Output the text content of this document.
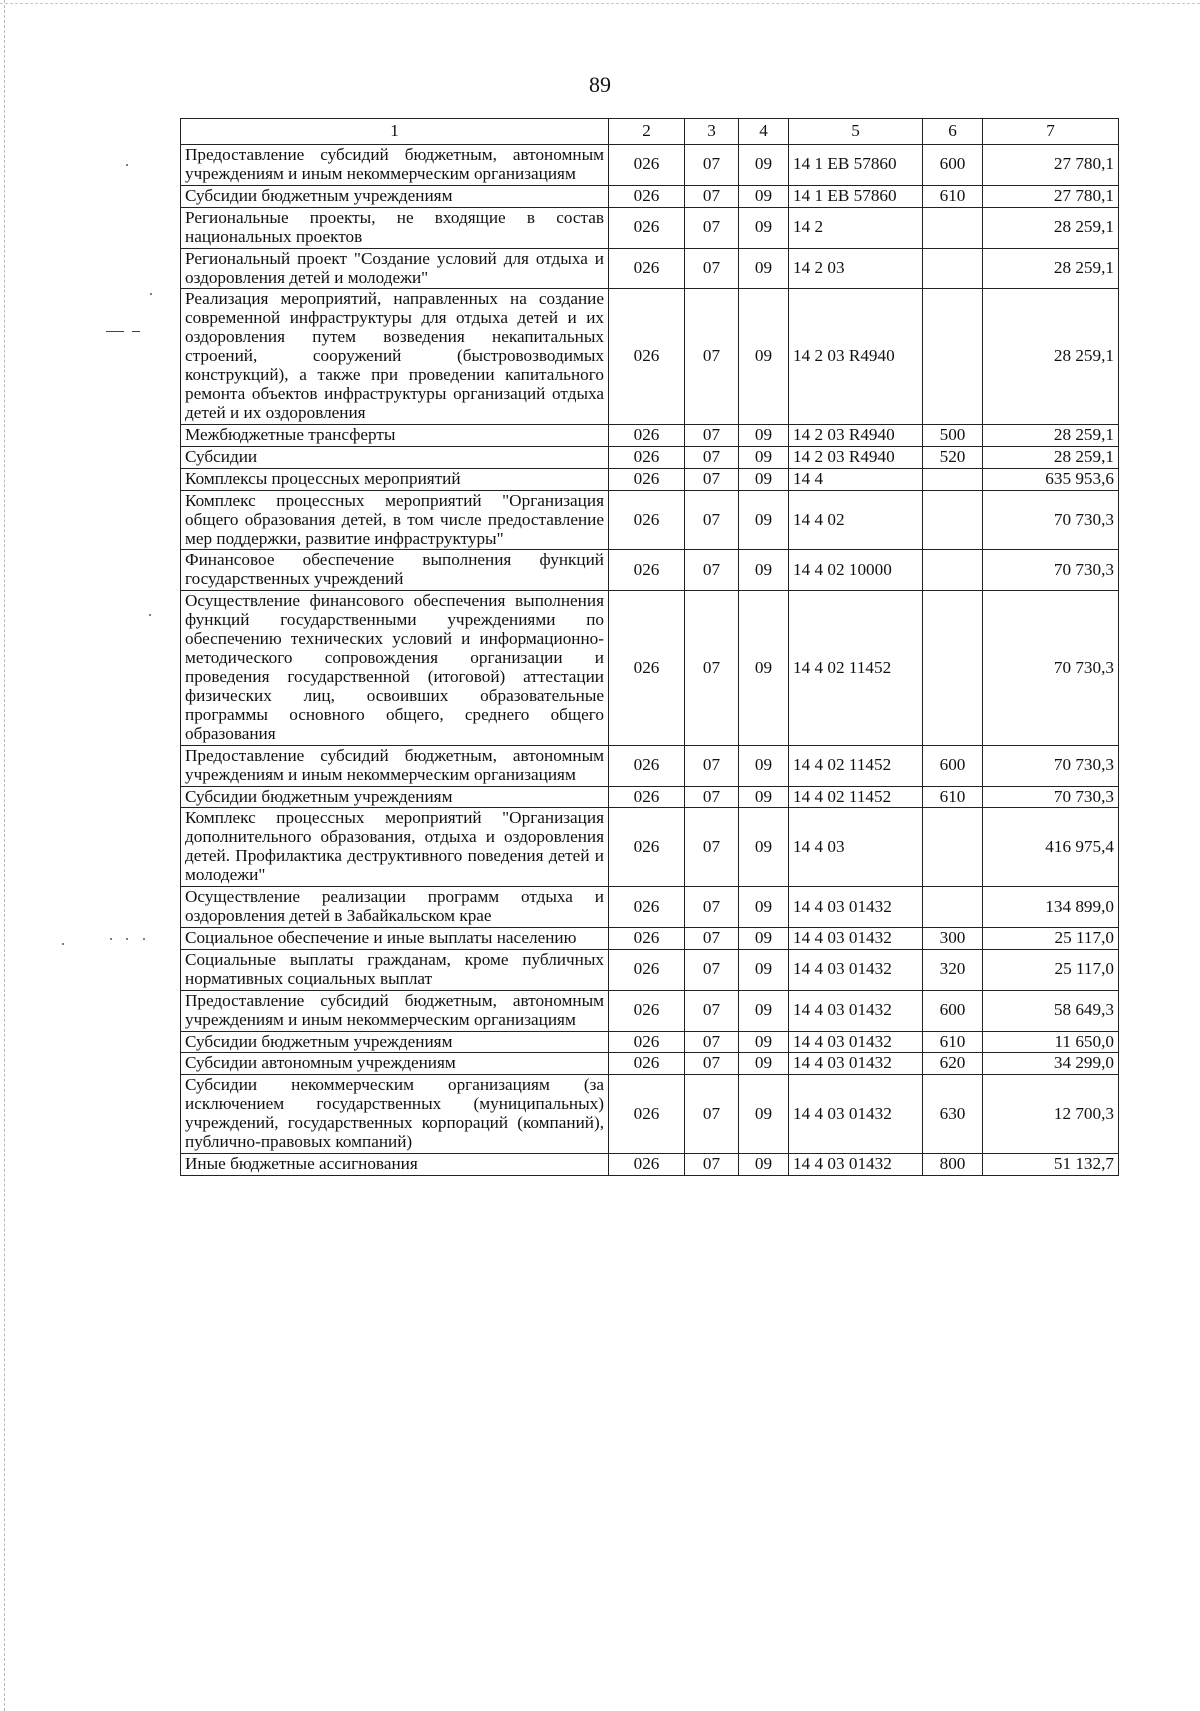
89
1	2	3	4	5	6	7
Предоставление субсидий бюджетным, автономным учреждениям и иным некоммерческим организациям	026	07	09	14 1 ЕВ 57860	600	27 780,1
Субсидии бюджетным учреждениям	026	07	09	14 1 ЕВ 57860	610	27 780,1
Региональные проекты, не входящие в состав национальных проектов	026	07	09	14 2		28 259,1
Региональный проект "Создание условий для отдыха и оздоровления детей и молодежи"	026	07	09	14 2 03		28 259,1
Реализация мероприятий, направленных на создание современной инфраструктуры для отдыха детей и их оздоровления путем возведения некапитальных строений, сооружений (быстровозводимых конструкций), а также при проведении капитального ремонта объектов инфраструктуры организаций отдыха детей и их оздоровления	026	07	09	14 2 03 R4940		28 259,1
Межбюджетные трансферты	026	07	09	14 2 03 R4940	500	28 259,1
Субсидии	026	07	09	14 2 03 R4940	520	28 259,1
Комплексы процессных мероприятий	026	07	09	14 4		635 953,6
Комплекс процессных мероприятий "Организация общего образования детей, в том числе предоставление мер поддержки, развитие инфраструктуры"	026	07	09	14 4 02		70 730,3
Финансовое обеспечение выполнения функций государственных учреждений	026	07	09	14 4 02 10000		70 730,3
Осуществление финансового обеспечения выполнения функций государственными учреждениями по обеспечению технических условий и информационно-методического сопровождения организации и проведения государственной (итоговой) аттестации физических лиц, освоивших образовательные программы основного общего, среднего общего образования	026	07	09	14 4 02 11452		70 730,3
Предоставление субсидий бюджетным, автономным учреждениям и иным некоммерческим организациям	026	07	09	14 4 02 11452	600	70 730,3
Субсидии бюджетным учреждениям	026	07	09	14 4 02 11452	610	70 730,3
Комплекс процессных мероприятий "Организация дополнительного образования, отдыха и оздоровления детей. Профилактика деструктивного поведения детей и молодежи"	026	07	09	14 4 03		416 975,4
Осуществление реализации программ отдыха и оздоровления детей в Забайкальском крае	026	07	09	14 4 03 01432		134 899,0
Социальное обеспечение и иные выплаты населению	026	07	09	14 4 03 01432	300	25 117,0
Социальные выплаты гражданам, кроме публичных нормативных социальных выплат	026	07	09	14 4 03 01432	320	25 117,0
Предоставление субсидий бюджетным, автономным учреждениям и иным некоммерческим организациям	026	07	09	14 4 03 01432	600	58 649,3
Субсидии бюджетным учреждениям	026	07	09	14 4 03 01432	610	11 650,0
Субсидии автономным учреждениям	026	07	09	14 4 03 01432	620	34 299,0
Субсидии некоммерческим организациям (за исключением государственных (муниципальных) учреждений, государственных корпораций (компаний), публично-правовых компаний)	026	07	09	14 4 03 01432	630	12 700,3
Иные бюджетные ассигнования	026	07	09	14 4 03 01432	800	51 132,7
